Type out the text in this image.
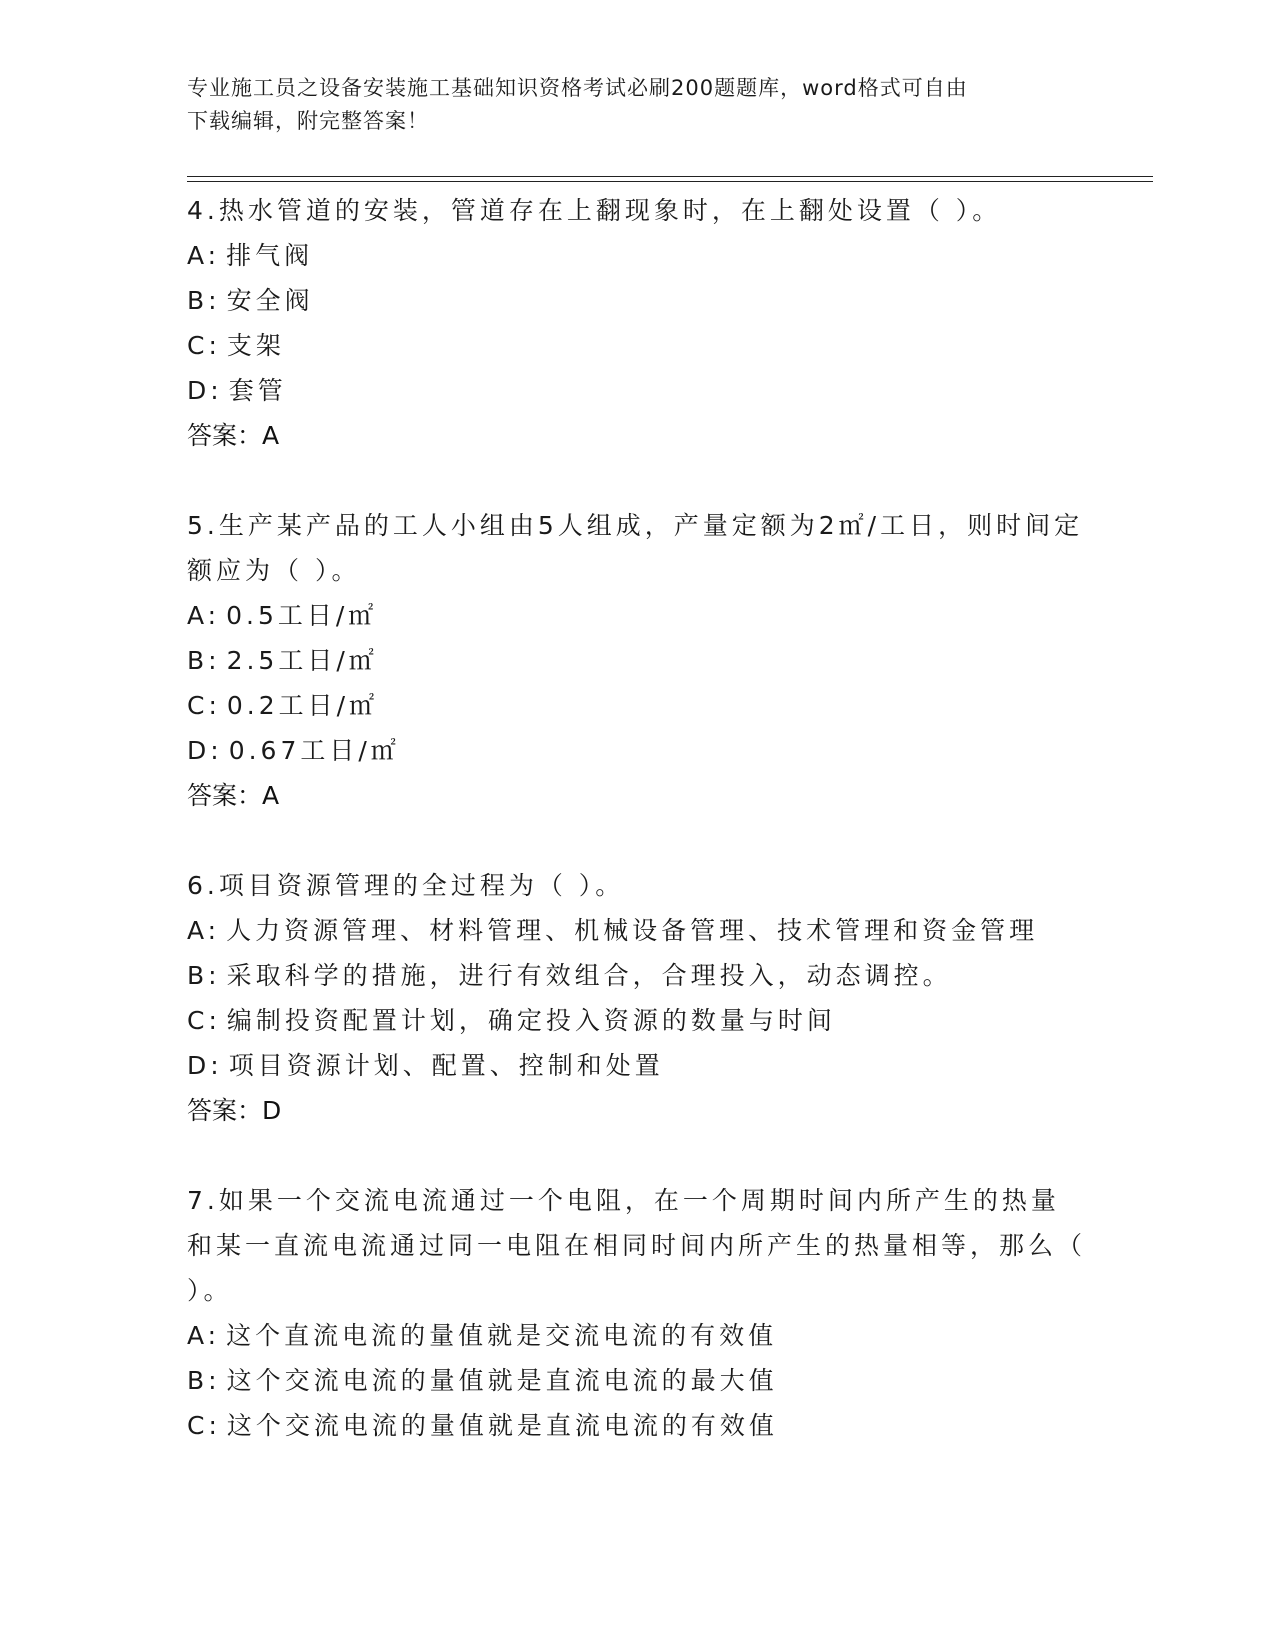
专业施工员之设备安装施工基础知识资格考试必刷200题题库，word格式可自由
下载编辑，附完整答案！
4.热水管道的安装，管道存在上翻现象时，在上翻处设置（ ）。
A: 排气阀
B: 安全阀
C: 支架
D: 套管
答案：A
5.生产某产品的工人小组由5人组成，产量定额为2㎡/工日，则时间定额应为（ ）。
A: 0.5工日/㎡
B: 2.5工日/㎡
C: 0.2工日/㎡
D: 0.67工日/㎡
答案：A
6.项目资源管理的全过程为（ ）。
A: 人力资源管理、材料管理、机械设备管理、技术管理和资金管理
B: 采取科学的措施，进行有效组合，合理投入，动态调控。
C: 编制投资配置计划，确定投入资源的数量与时间
D: 项目资源计划、配置、控制和处置
答案：D
7.如果一个交流电流通过一个电阻，在一个周期时间内所产生的热量和某一直流电流通过同一电阻在相同时间内所产生的热量相等，那么（ ）。
A: 这个直流电流的量值就是交流电流的有效值
B: 这个交流电流的量值就是直流电流的最大值
C: 这个交流电流的量值就是直流电流的有效值
